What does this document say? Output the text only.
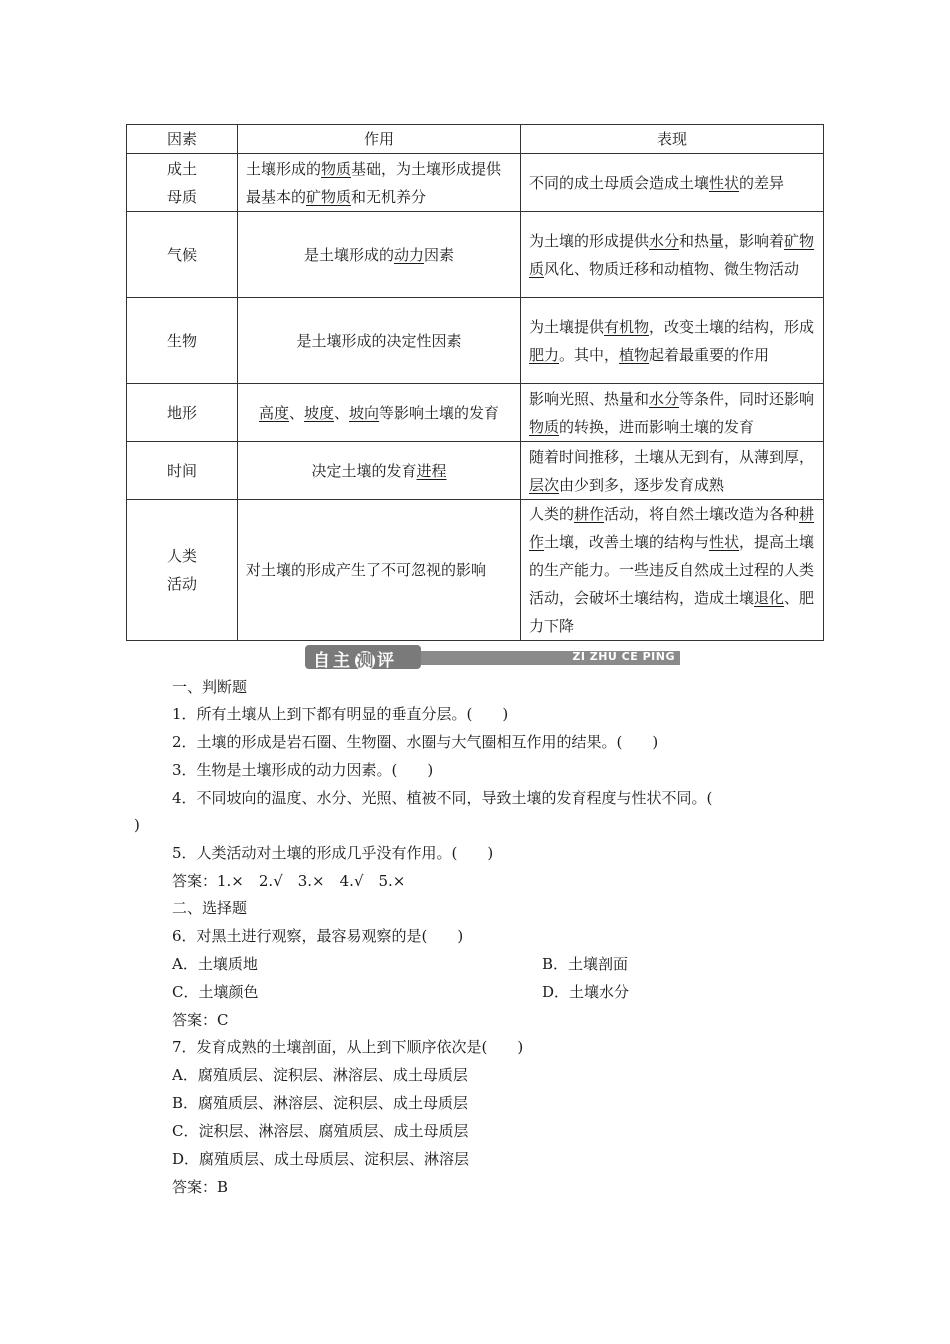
因素	作用	表现

成土
母质	土壤形成的物质基础，为土壤形成提供最基本的矿物质和无机养分	不同的成土母质会造成土壤性状的差异

气候	是土壤形成的动力因素	为土壤的形成提供水分和热量，影响着矿物质风化、物质迁移和动植物、微生物活动

生物	是土壤形成的决定性因素	为土壤提供有机物，改变土壤的结构，形成肥力。其中，植物起着最重要的作用

地形	高度、坡度、坡向等影响土壤的发育	影响光照、热量和水分等条件，同时还影响物质的转换，进而影响土壤的发育

时间	决定土壤的发育进程	随着时间推移，土壤从无到有，从薄到厚，层次由少到多，逐步发育成熟

人类
活动	对土壤的形成产生了不可忽视的影响	人类的耕作活动，将自然土壤改造为各种耕作土壤，改善土壤的结构与性状，提高土壤的生产能力。一些违反自然成土过程的人类活动，会破坏土壤结构，造成土壤退化、肥力下降
自主 测 评	ZI ZHU CE PING
一、判断题
1．所有土壤从上到下都有明显的垂直分层。(　　)
2．土壤的形成是岩石圈、生物圈、水圈与大气圈相互作用的结果。(　　)
3．生物是土壤形成的动力因素。(　　)
4．不同坡向的温度、水分、光照、植被不同，导致土壤的发育程度与性状不同。(
)
5．人类活动对土壤的形成几乎没有作用。(　　)
答案：1.×　2.√　3.×　4.√　5.×
二、选择题
6．对黑土进行观察，最容易观察的是(　　)
A．土壤质地	B．土壤剖面
C．土壤颜色	D．土壤水分
答案：C
7．发育成熟的土壤剖面，从上到下顺序依次是(　　)
A．腐殖质层、淀积层、淋溶层、成土母质层
B．腐殖质层、淋溶层、淀积层、成土母质层
C．淀积层、淋溶层、腐殖质层、成土母质层
D．腐殖质层、成土母质层、淀积层、淋溶层
答案：B
